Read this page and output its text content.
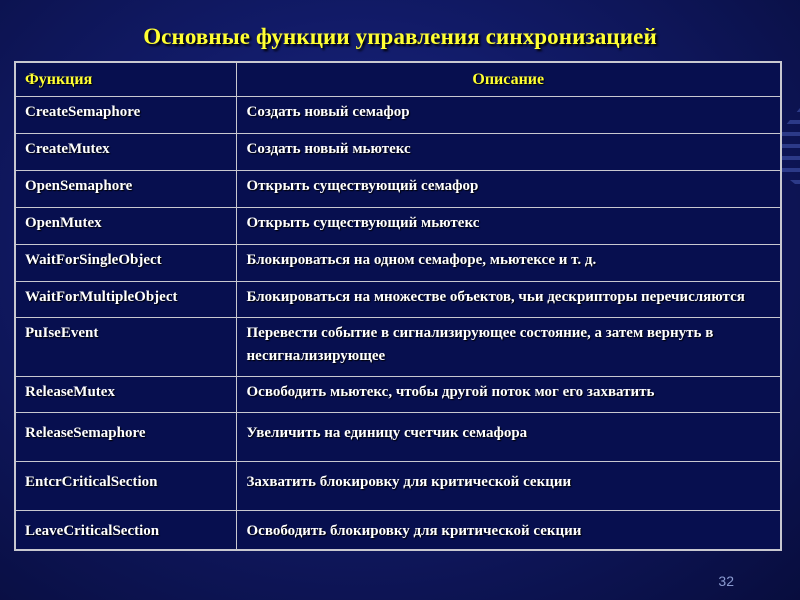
Основные функции управления синхронизацией
Функция	Описание
CreateSemaphore	Создать новый семафор
CreateMutex	Создать новый мьютекс
OpenSemaphore	Открыть существующий семафор
OpenMutex	Открыть существующий мьютекс
WaitForSingleObject	Блокироваться на одном семафоре, мьютексе и т. д.
WaitForMultipleObject	Блокироваться на множестве объектов, чьи дескрипторы перечисляются
PuIseEvent	Перевести событие в сигнализирующее состояние, а затем вернуть в несигнализирующее
ReleaseMutex	Освободить мьютекс, чтобы другой поток мог его захватить
ReleaseSemaphore	Увеличить на единицу счетчик семафора
EntcrCriticalSection	Захватить блокировку для критической секции
LeaveCriticalSection	Освободить блокировку для критической секции
32
